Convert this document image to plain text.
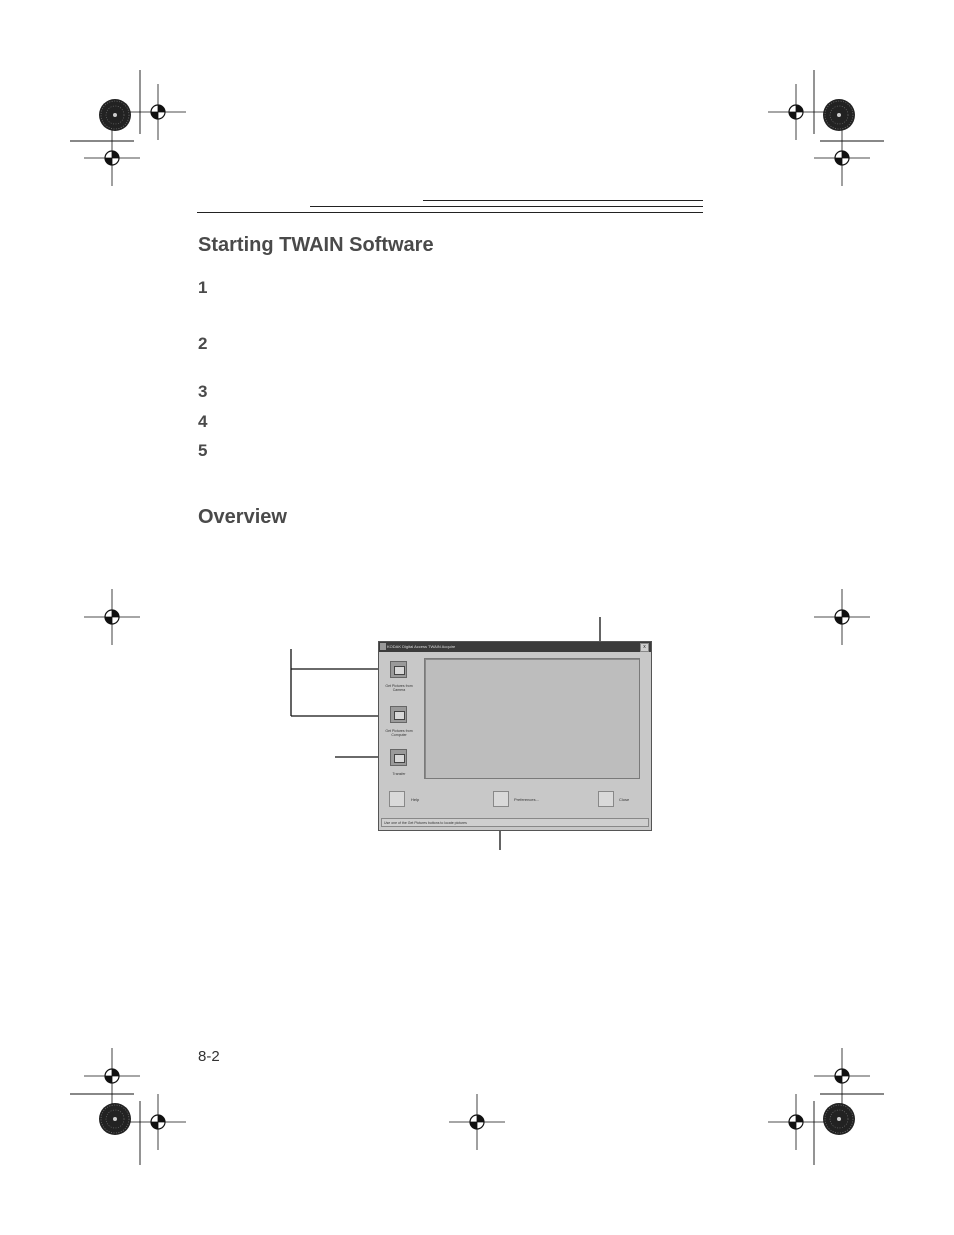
Starting TWAIN Software
1
2
3
4
5
Overview
KODAK Digital Access TWAIN Acquire	x
Get Pictures from Camera
Get Pictures from Computer
Transfer
Help	Preferences...	Close
Use one of the Get Pictures buttons to locate pictures
8-2
